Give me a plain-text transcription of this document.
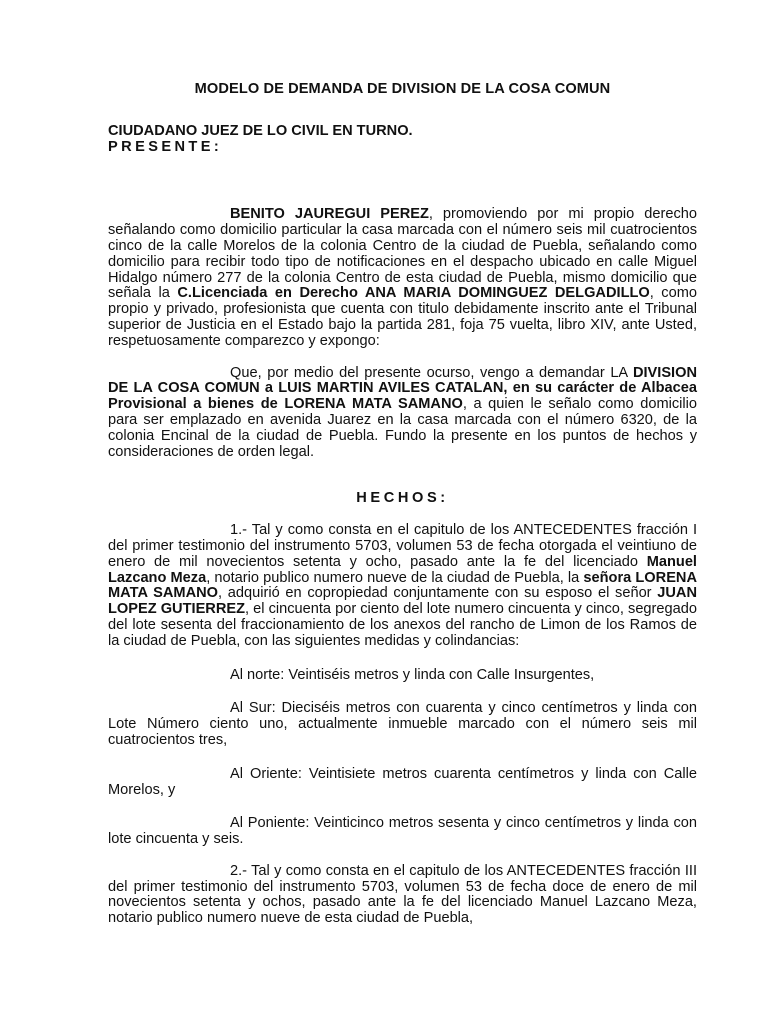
MODELO DE DEMANDA DE DIVISION DE LA COSA COMUN
CIUDADANO JUEZ DE LO CIVIL EN TURNO.
PRESENTE:

BENITO JAUREGUI PEREZ, promoviendo por mi propio derecho señalando como domicilio particular la casa marcada con el número seis mil cuatrocientos cinco de la calle Morelos de la colonia Centro de la ciudad de Puebla, señalando como domicilio para recibir todo tipo de notificaciones en el despacho ubicado en calle Miguel Hidalgo número 277 de la colonia Centro de esta ciudad de Puebla, mismo domicilio que señala la C.Licenciada en Derecho ANA MARIA DOMINGUEZ DELGADILLO, como propio y privado, profesionista que cuenta con titulo debidamente inscrito ante el Tribunal superior de Justicia en el Estado bajo la partida 281, foja 75 vuelta, libro XIV, ante Usted, respetuosamente comparezco y expongo:

Que, por medio del presente ocurso, vengo a demandar LA DIVISION DE LA COSA COMUN a LUIS MARTIN AVILES CATALAN, en su carácter de Albacea Provisional a bienes de LORENA MATA SAMANO, a quien le señalo como domicilio para ser emplazado en avenida Juarez en la casa marcada con el número 6320, de la colonia Encinal de la ciudad de Puebla. Fundo la presente en los puntos de hechos y consideraciones de orden legal.

HECHOS:

1.- Tal y como consta en el capitulo de los ANTECEDENTES fracción I del primer testimonio del instrumento 5703, volumen 53 de fecha otorgada el veintiuno de enero de mil novecientos setenta y ocho, pasado ante la fe del licenciado Manuel Lazcano Meza, notario publico numero nueve de la ciudad de Puebla, la señora LORENA MATA SAMANO, adquirió en copropiedad conjuntamente con su esposo el señor JUAN LOPEZ GUTIERREZ, el cincuenta por ciento del lote numero cincuenta y cinco, segregado del lote sesenta del fraccionamiento de los anexos del rancho de Limon de los Ramos de la ciudad de Puebla, con las siguientes medidas y colindancias:

Al norte: Veintiséis metros y linda con Calle Insurgentes,

Al Sur: Dieciséis metros con cuarenta y cinco centímetros y linda con Lote Número ciento uno, actualmente inmueble marcado con el número seis mil cuatrocientos tres,

Al Oriente: Veintisiete metros cuarenta centímetros y linda con Calle Morelos, y

Al Poniente: Veinticinco metros sesenta y cinco centímetros y linda con lote cincuenta y seis.

2.- Tal y como consta en el capitulo de los ANTECEDENTES fracción III del primer testimonio del instrumento 5703, volumen 53 de fecha doce de enero de mil novecientos setenta y ochos, pasado ante la fe del licenciado Manuel Lazcano Meza, notario publico numero nueve de esta ciudad de Puebla,
